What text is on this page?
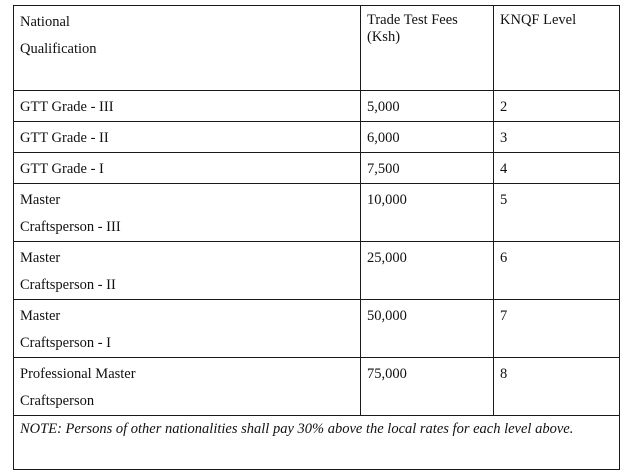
National
Qualification	Trade Test Fees (Ksh)	KNQF Level

GTT Grade - III	5,000	2

GTT Grade - II	6,000	3

GTT Grade - I	7,500	4

Master
Craftsperson - III	10,000	5

Master
Craftsperson - II	25,000	6

Master
Craftsperson - I	50,000	7

Professional Master
Craftsperson	75,000	8
NOTE: Persons of other nationalities shall pay 30% above the local rates for each level above.		
